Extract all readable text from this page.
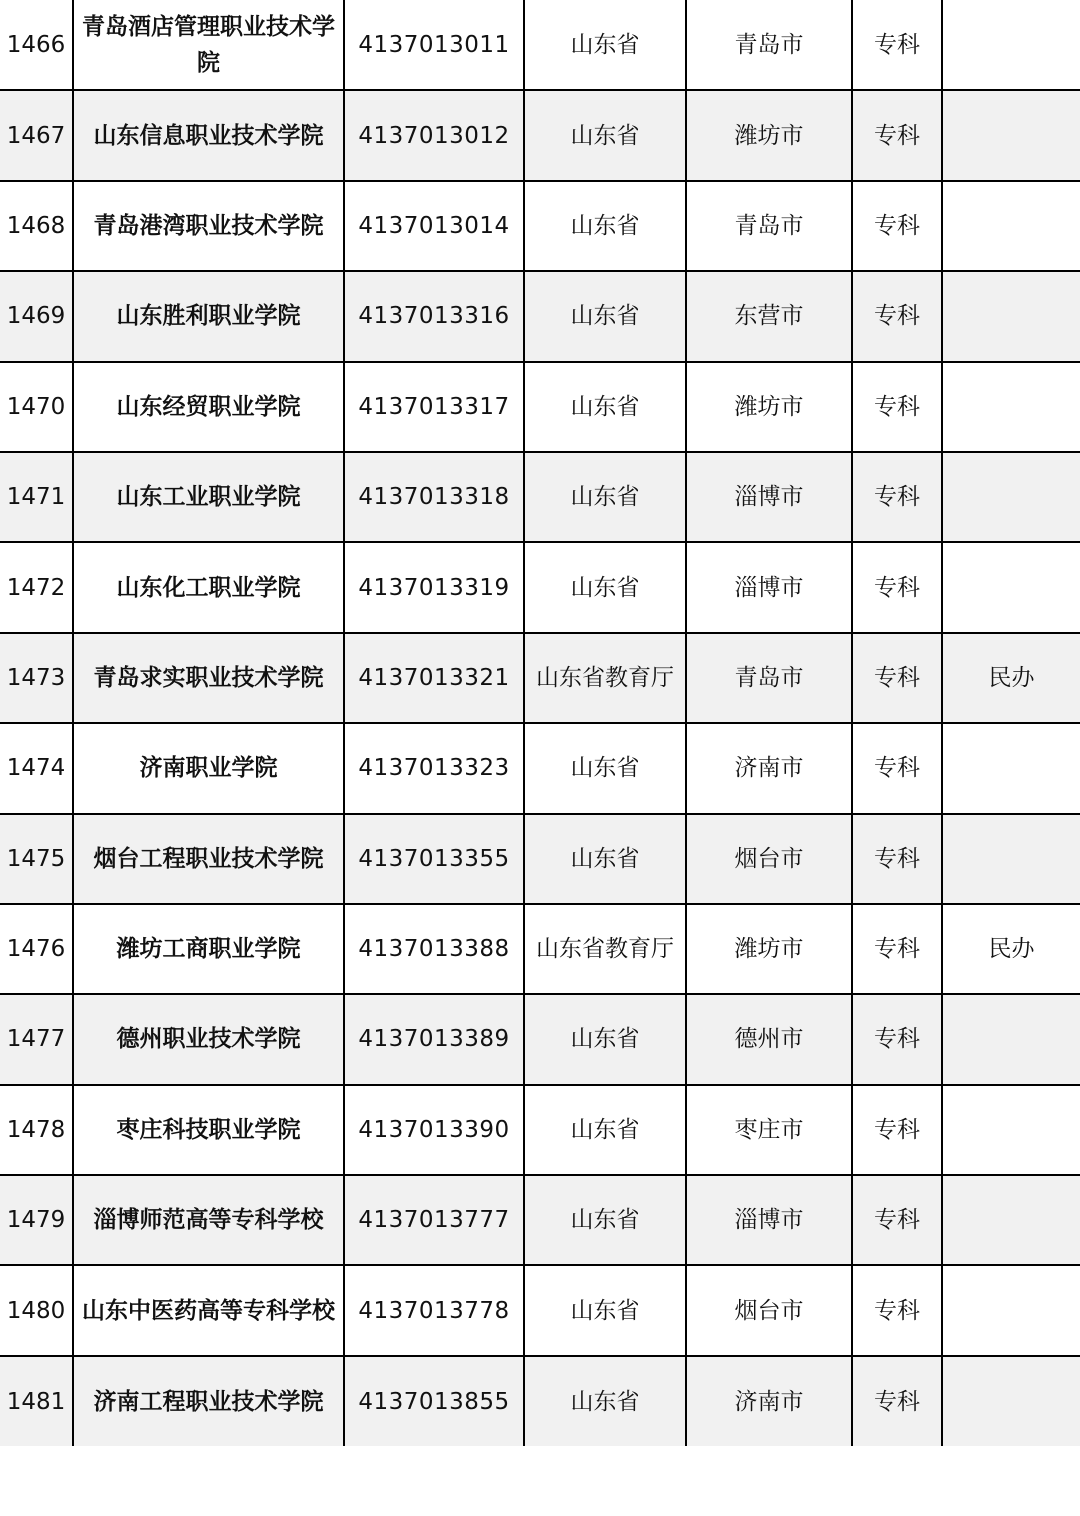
1466	青岛酒店管理职业技术学院	4137013011	山东省	青岛市	专科	
1467	山东信息职业技术学院	4137013012	山东省	潍坊市	专科	
1468	青岛港湾职业技术学院	4137013014	山东省	青岛市	专科	
1469	山东胜利职业学院	4137013316	山东省	东营市	专科	
1470	山东经贸职业学院	4137013317	山东省	潍坊市	专科	
1471	山东工业职业学院	4137013318	山东省	淄博市	专科	
1472	山东化工职业学院	4137013319	山东省	淄博市	专科	
1473	青岛求实职业技术学院	4137013321	山东省教育厅	青岛市	专科	民办
1474	济南职业学院	4137013323	山东省	济南市	专科	
1475	烟台工程职业技术学院	4137013355	山东省	烟台市	专科	
1476	潍坊工商职业学院	4137013388	山东省教育厅	潍坊市	专科	民办
1477	德州职业技术学院	4137013389	山东省	德州市	专科	
1478	枣庄科技职业学院	4137013390	山东省	枣庄市	专科	
1479	淄博师范高等专科学校	4137013777	山东省	淄博市	专科	
1480	山东中医药高等专科学校	4137013778	山东省	烟台市	专科	
1481	济南工程职业技术学院	4137013855	山东省	济南市	专科	
